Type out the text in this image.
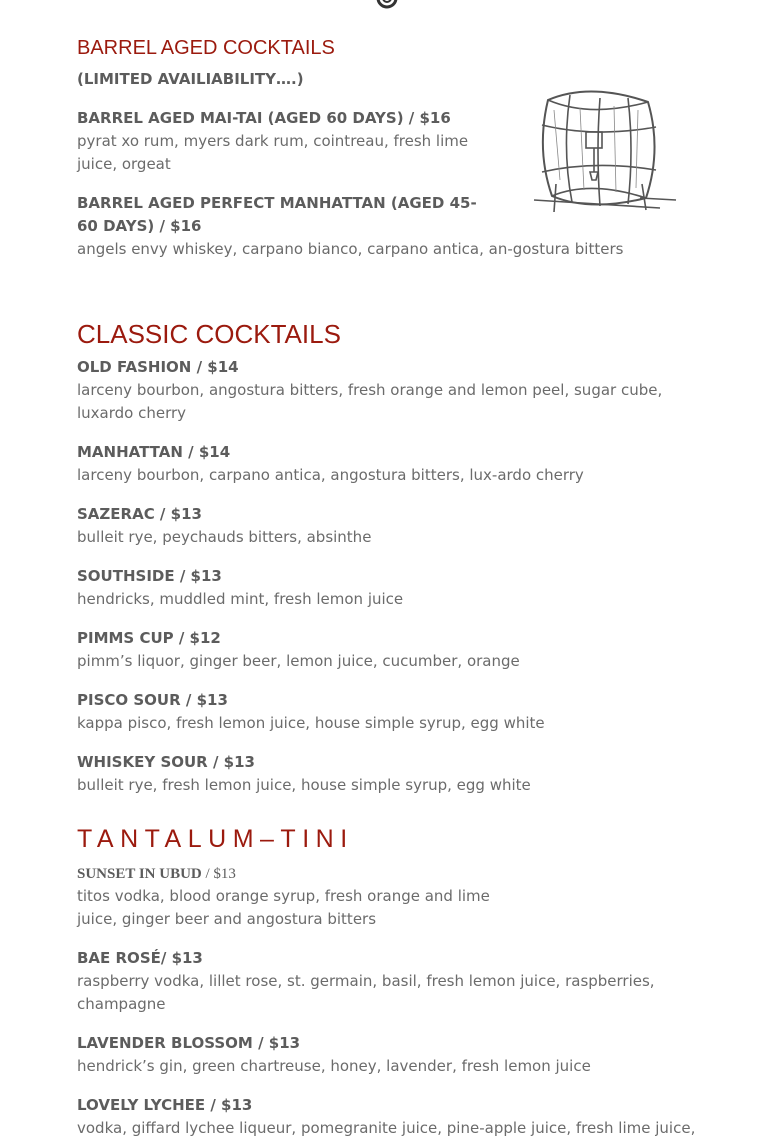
BARREL AGED COCKTAILS
(LIMITED AVAILIABILITY….)
BARREL AGED MAI-TAI (AGED 60 DAYS) / $16
pyrat xo rum, myers dark rum, cointreau, fresh lime juice, orgeat
BARREL AGED PERFECT MANHATTAN (AGED 45-60 DAYS) / $16
angels envy whiskey, carpano bianco, carpano antica, an-gostura bitters
CLASSIC COCKTAILS
OLD FASHION / $14
larceny bourbon, angostura bitters, fresh orange and lemon peel, sugar cube, luxardo cherry
MANHATTAN / $14
larceny bourbon, carpano antica, angostura bitters, lux-ardo cherry
SAZERAC / $13
bulleit rye, peychauds bitters, absinthe
SOUTHSIDE / $13
hendricks, muddled mint, fresh lemon juice
PIMMS CUP / $12
pimm’s liquor, ginger beer, lemon juice, cucumber, orange
PISCO SOUR / $13
kappa pisco, fresh lemon juice, house simple syrup, egg white
WHISKEY SOUR / $13
bulleit rye, fresh lemon juice, house simple syrup, egg white
TANTALUM–TINI
SUNSET IN UBUD / $13
titos vodka, blood orange syrup, fresh orange and lime juice, ginger beer and angostura bitters
BAE ROSÉ/ $13
raspberry vodka, lillet rose, st. germain, basil, fresh lemon juice, raspberries, champagne
LAVENDER BLOSSOM / $13
hendrick’s gin, green chartreuse, honey, lavender, fresh lemon juice
LOVELY LYCHEE / $13
vodka, giffard lychee liqueur, pomegranite juice, pine-apple juice, fresh lime juice,
